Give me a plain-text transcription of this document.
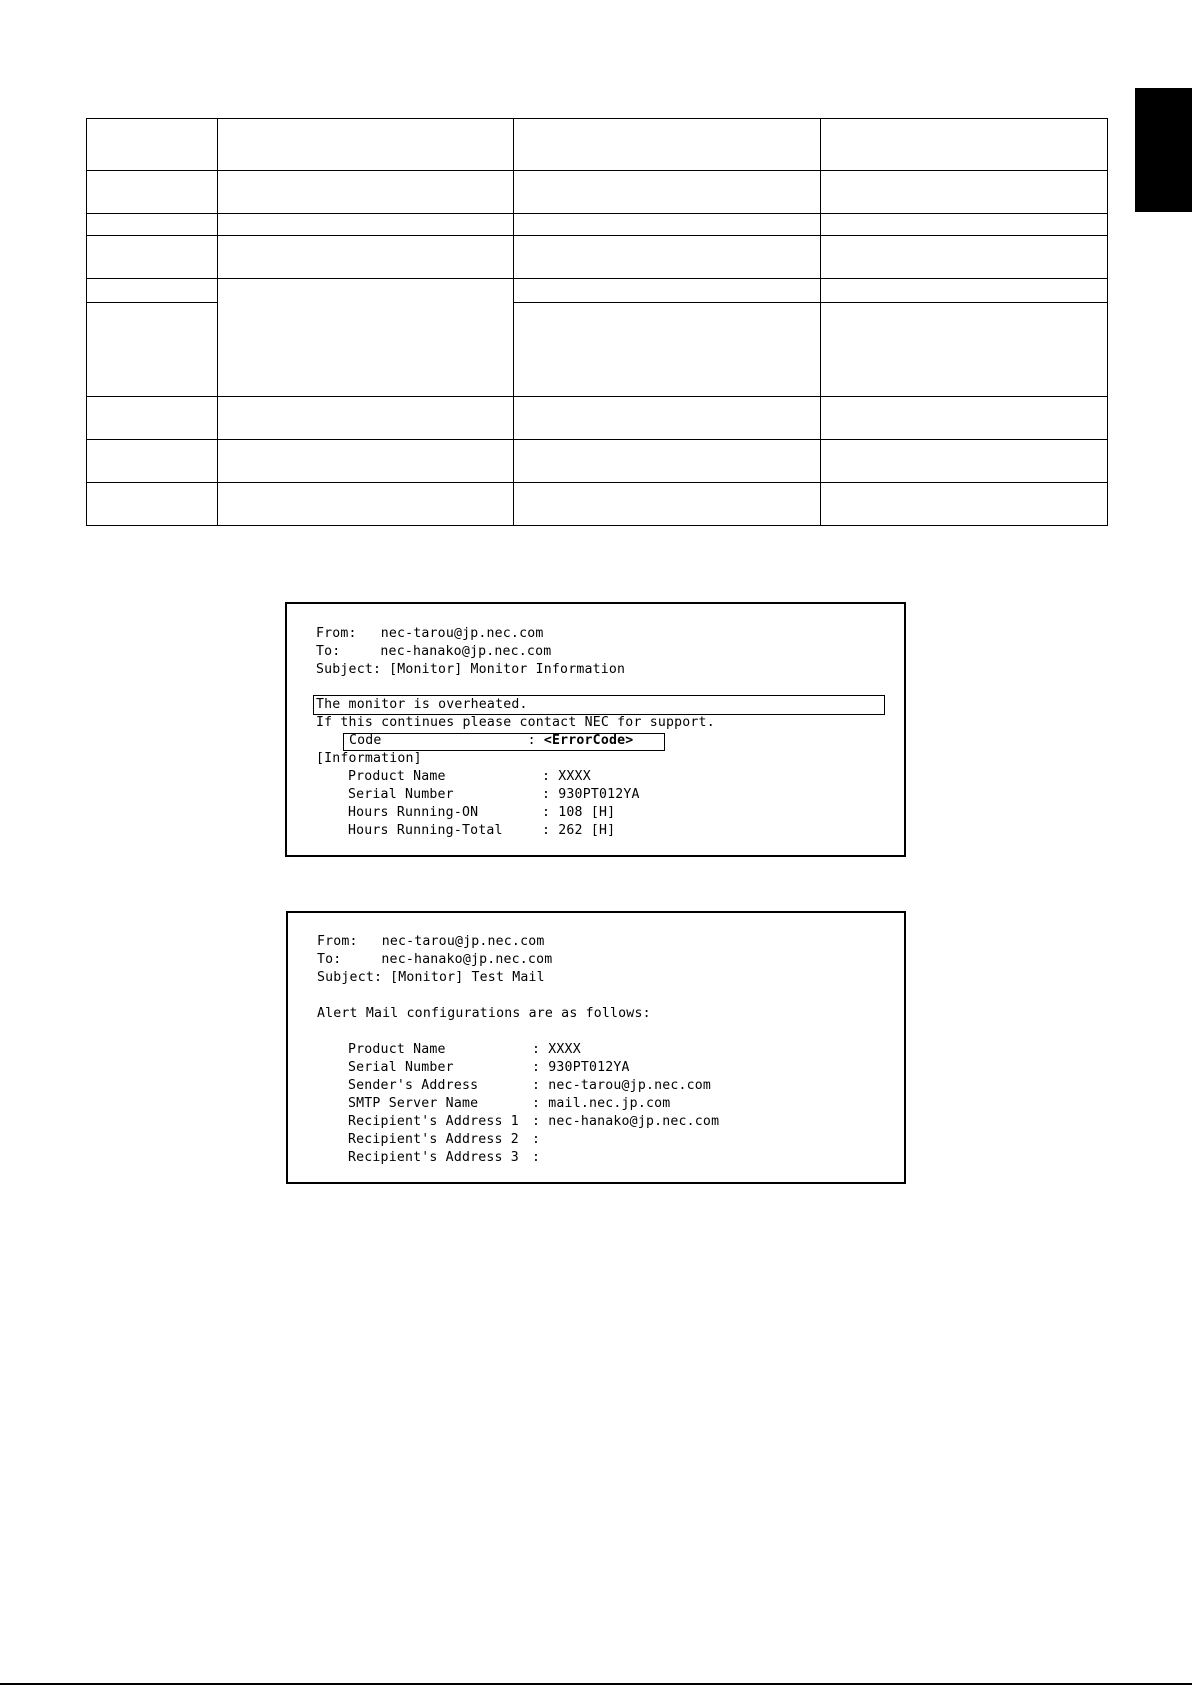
From: nec-tarou@jp.nec.com
To:	nec-hanako@jp.nec.com
Subject: [Monitor] Monitor Information
The monitor is overheated.
If this continues please contact NEC for support.
Code	: <ErrorCode>
[Information]
Product Name	: XXXX
Serial Number	: 930PT012YA
Hours Running-ON	: 108 [H]
Hours Running-Total	: 262 [H]
From: nec-tarou@jp.nec.com
To:	nec-hanako@jp.nec.com
Subject: [Monitor] Test Mail
Alert Mail configurations are as follows:
Product Name	: XXXX
Serial Number	: 930PT012YA
Sender's Address	: nec-tarou@jp.nec.com
SMTP Server Name	: mail.nec.jp.com
Recipient's Address 1 : nec-hanako@jp.nec.com
Recipient's Address 2 :
Recipient's Address 3 :
